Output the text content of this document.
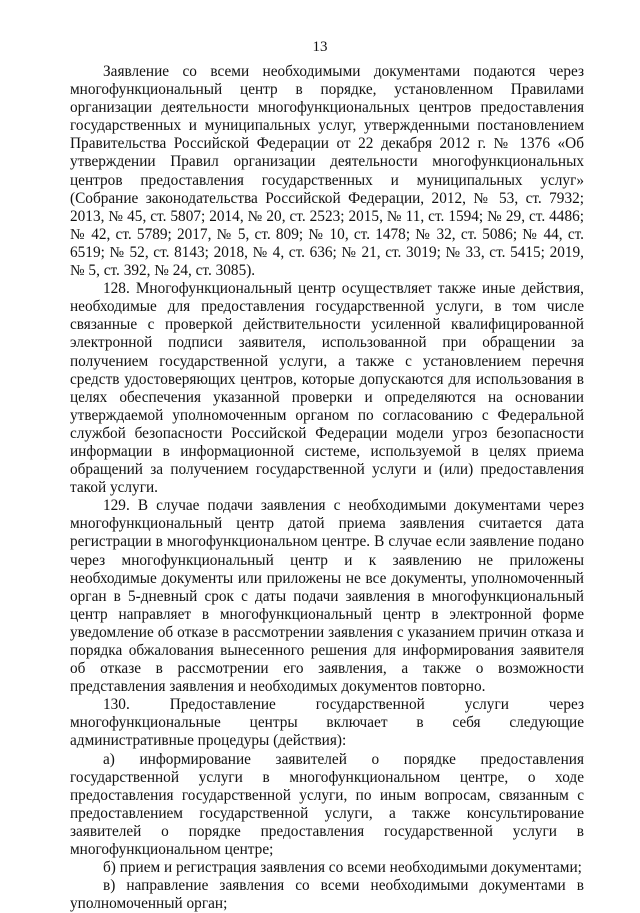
13

Заявление со всеми необходимыми документами подаются через многофункциональный центр в порядке, установленном Правилами организации деятельности многофункциональных центров предоставления государственных и муниципальных услуг, утвержденными постановлением Правительства Российской Федерации от 22 декабря 2012 г. № 1376 «Об утверждении Правил организации деятельности многофункциональных центров предоставления государственных и муниципальных услуг» (Собрание законодательства Российской Федерации, 2012, № 53, ст. 7932; 2013, № 45, ст. 5807; 2014, № 20, ст. 2523; 2015, № 11, ст. 1594; № 29, ст. 4486; № 42, ст. 5789; 2017, № 5, ст. 809; № 10, ст. 1478; № 32, ст. 5086; № 44, ст. 6519; № 52, ст. 8143; 2018, № 4, ст. 636; № 21, ст. 3019; № 33, ст. 5415; 2019, № 5, ст. 392, № 24, ст. 3085).

128. Многофункциональный центр осуществляет также иные действия, необходимые для предоставления государственной услуги, в том числе связанные с проверкой действительности усиленной квалифицированной электронной подписи заявителя, использованной при обращении за получением государственной услуги, а также с установлением перечня средств удостоверяющих центров, которые допускаются для использования в целях обеспечения указанной проверки и определяются на основании утверждаемой уполномоченным органом по согласованию с Федеральной службой безопасности Российской Федерации модели угроз безопасности информации в информационной системе, используемой в целях приема обращений за получением государственной услуги и (или) предоставления такой услуги.

129. В случае подачи заявления с необходимыми документами через многофункциональный центр датой приема заявления считается дата регистрации в многофункциональном центре. В случае если заявление подано через многофункциональный центр и к заявлению не приложены необходимые документы или приложены не все документы, уполномоченный орган в 5-дневный срок с даты подачи заявления в многофункциональный центр направляет в многофункциональный центр в электронной форме уведомление об отказе в рассмотрении заявления с указанием причин отказа и порядка обжалования вынесенного решения для информирования заявителя об отказе в рассмотрении его заявления, а также о возможности представления заявления и необходимых документов повторно.

130. Предоставление государственной услуги через многофункциональные центры включает в себя следующие административные процедуры (действия):

а) информирование заявителей о порядке предоставления государственной услуги в многофункциональном центре, о ходе предоставления государственной услуги, по иным вопросам, связанным с предоставлением государственной услуги, а также консультирование заявителей о порядке предоставления государственной услуги в многофункциональном центре;

б) прием и регистрация заявления со всеми необходимыми документами;

в) направление заявления со всеми необходимыми документами в уполномоченный орган;
